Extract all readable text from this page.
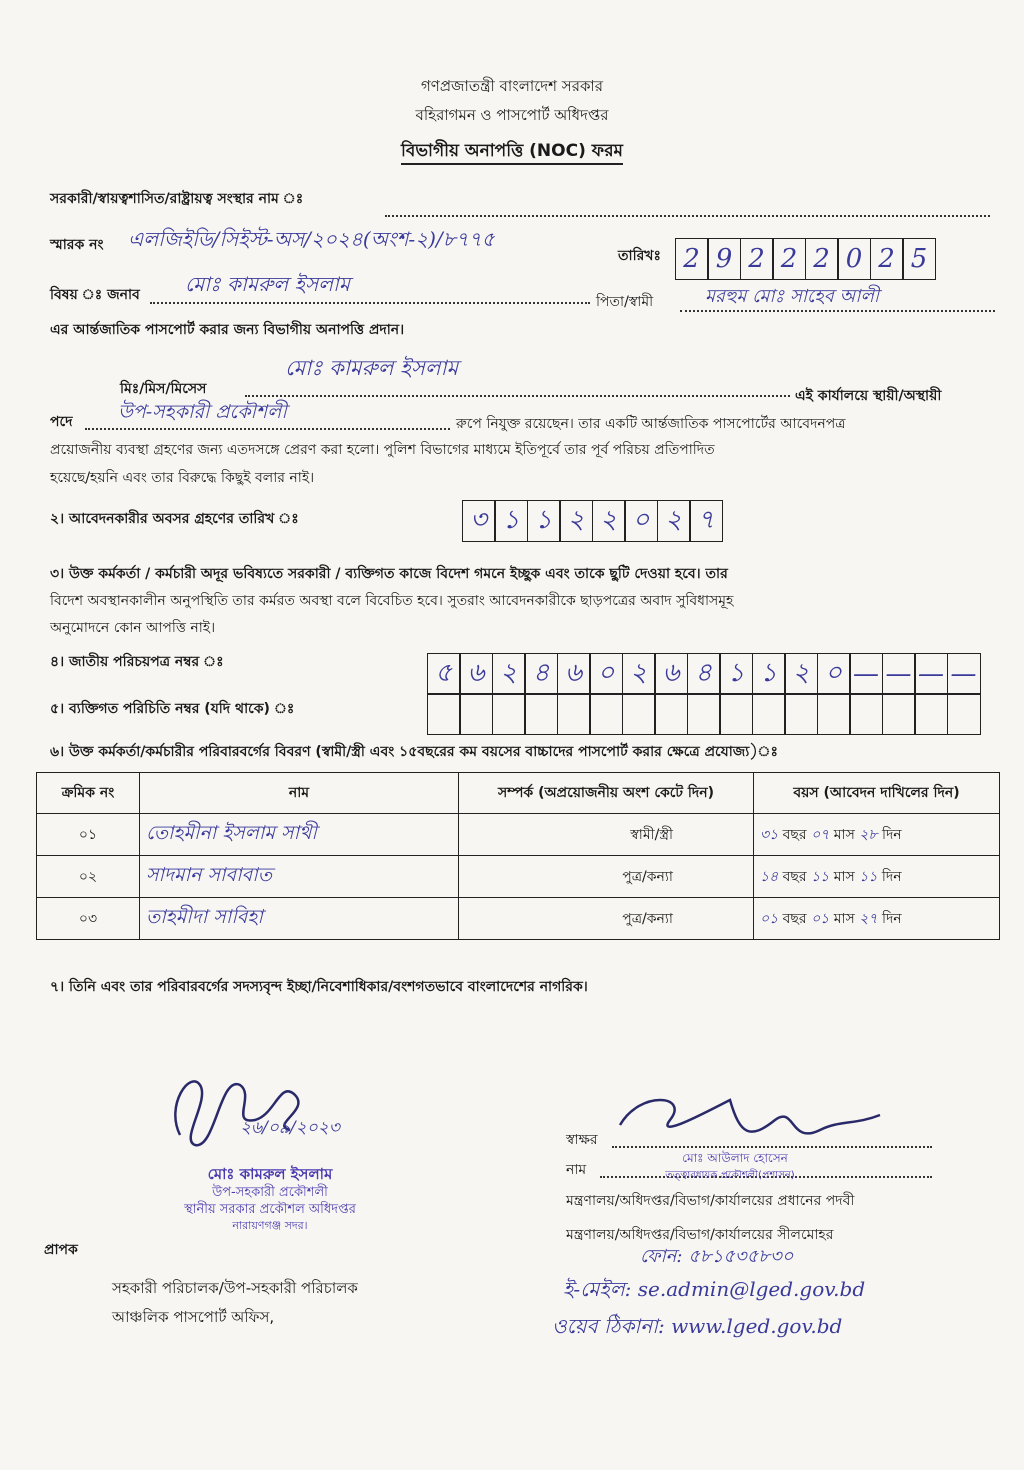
গণপ্রজাতন্ত্রী বাংলাদেশ সরকার
বহিরাগমন ও পাসপোর্ট অধিদপ্তর
বিভাগীয় অনাপত্তি (NOC) ফরম
সরকারী/স্বায়ত্বশাসিত/রাষ্ট্রায়ত্ব সংস্থার নাম ঃ
স্মারক নং এলজিইডি/সিইস্ট-অস/২০২৪(অংশ-২)/৮৭৭৫
তারিখঃ 2 9 2 2 2 0 2 5
বিষয় ঃ জনাব মোঃ কামরুল ইসলাম
পিতা/স্বামী	মরহুম মোঃ সাহেব আলী
এর আর্ন্তজাতিক পাসপোর্ট করার জন্য বিভাগীয় অনাপত্তি প্রদান।
মিঃ/মিস/মিসেস
মোঃ কামরুল ইসলাম
এই কার্যালয়ে স্থায়ী/অস্থায়ী
পদে উপ-সহকারী প্রকৌশলী
রুপে নিযুক্ত রয়েছেন। তার একটি আর্ন্তজাতিক পাসপোর্টের আবেদনপত্র
প্রয়োজনীয় ব্যবস্থা গ্রহণের জন্য এতদসঙ্গে প্রেরণ করা হলো। পুলিশ বিভাগের মাধ্যমে ইতিপূর্বে তার পূর্ব পরিচয় প্রতিপাদিত
হয়েছে/হয়নি এবং তার বিরুদ্ধে কিছুই বলার নাই।
২। আবেদনকারীর অবসর গ্রহণের তারিখ ঃ	৩ ১ ১ ২ ২ ০ ২ ৭
৩। উক্ত কর্মকর্তা / কর্মচারী অদূর ভবিষ্যতে সরকারী / ব্যক্তিগত কাজে বিদেশ গমনে ইচ্ছুক এবং তাকে ছুটি দেওয়া হবে। তার
বিদেশ অবস্থানকালীন অনুপস্থিতি তার কর্মরত অবস্থা বলে বিবেচিত হবে। সুতরাং আবেদনকারীকে ছাড়পত্রের অবাদ সুবিধাসমূহ
অনুমোদনে কোন আপত্তি নাই।
৪। জাতীয় পরিচয়পত্র নম্বর ঃ	৫ ৬ ২ ৪ ৬ ০ ২ ৬ ৪ ১ ১ ২ ০ — — — —
৫। ব্যক্তিগত পরিচিতি নম্বর (যদি থাকে) ঃ
৬। উক্ত কর্মকর্তা/কর্মচারীর পরিবারবর্গের বিবরণ (স্বামী/স্ত্রী এবং ১৫বছরের কম বয়সের বাচ্চাদের পাসপোর্ট করার ক্ষেত্রে প্রযোজ্য)ঃ
ক্রমিক নং	নাম	সম্পর্ক (অপ্রয়োজনীয় অংশ কেটে দিন)	বয়স (আবেদন দাখিলের দিন)
০১	তোহমীনা ইসলাম সাথী	স্বামী/স্ত্রী	৩১ বছর ০৭ মাস ২৮ দিন
০২	সাদমান সাবাবাত	পুত্র/কন্যা	১৪ বছর ১১ মাস ১১ দিন
০৩	তাহমীদা সাবিহা	পুত্র/কন্যা	০১ বছর ০১ মাস ২৭ দিন
৭। তিনি এবং তার পরিবারবর্গের সদস্যবৃন্দ ইচ্ছা/নিবেশাধিকার/বংশগতভাবে বাংলাদেশের নাগরিক।
২৬/০৯/২০২৩
মোঃ কামরুল ইসলাম
উপ-সহকারী প্রকৌশলী
স্থানীয় সরকার প্রকৌশল অধিদপ্তর
নারায়ণগঞ্জ সদর।
স্বাক্ষর
নাম
মোঃ আউলাদ হোসেন
তত্ত্বাবধায়ক প্রকৌশলী(প্রশাসন)
মন্ত্রণালয়/অধিদপ্তর/বিভাগ/কার্যালয়ের প্রধানের পদবী
মন্ত্রণালয়/অধিদপ্তর/বিভাগ/কার্যালয়ের সীলমোহর
ফোন: ৫৮১৫৩৫৮৩০
ই-মেইল: se.admin@lged.gov.bd
ওয়েব ঠিকানা: www.lged.gov.bd
প্রাপক
সহকারী পরিচালক/উপ-সহকারী পরিচালক
আঞ্চলিক পাসপোর্ট অফিস,
